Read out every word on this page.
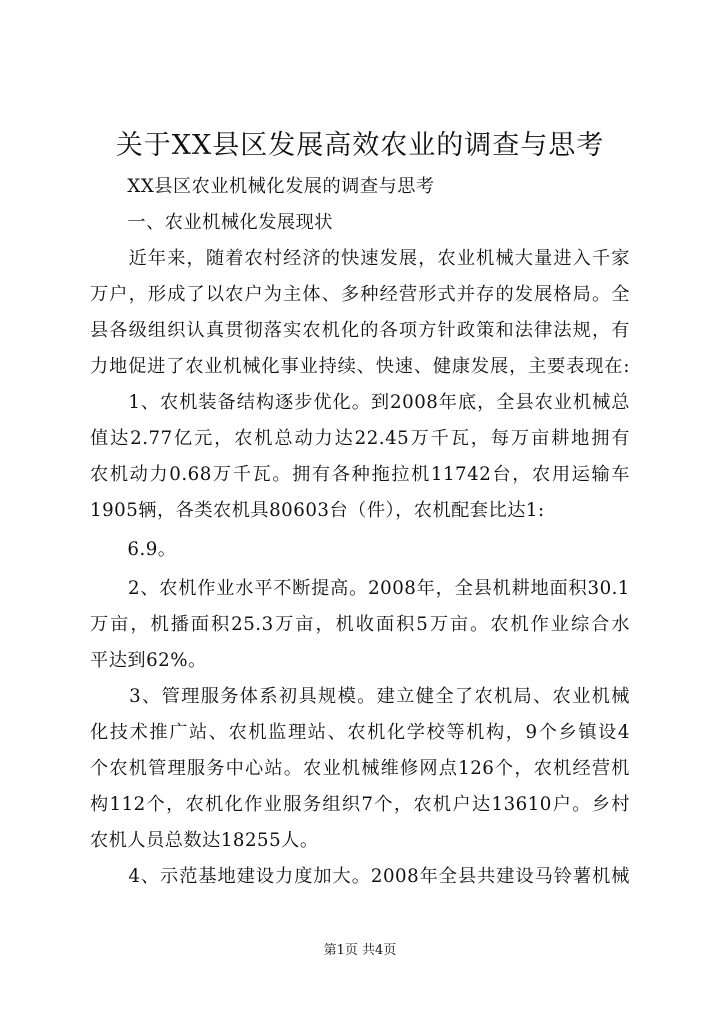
关于XX县区发展高效农业的调查与思考
　　XX县区农业机械化发展的调查与思考
　　一、农业机械化发展现状
　　近年来，随着农村经济的快速发展，农业机械大量进入千家
万户，形成了以农户为主体、多种经营形式并存的发展格局。全
县各级组织认真贯彻落实农机化的各项方针政策和法律法规，有
力地促进了农业机械化事业持续、快速、健康发展，主要表现在:
　　1、农机装备结构逐步优化。到2008年底，全县农业机械总
值达2.77亿元，农机总动力达22.45万千瓦，每万亩耕地拥有
农机动力0.68万千瓦。拥有各种拖拉机11742台，农用运输车
1905辆，各类农机具80603台（件），农机配套比达1:
　　6.9。
　　2、农机作业水平不断提高。2008年，全县机耕地面积30.1
万亩，机播面积25.3万亩，机收面积5万亩。农机作业综合水
平达到62%。
　　3、管理服务体系初具规模。建立健全了农机局、农业机械
化技术推广站、农机监理站、农机化学校等机构，9个乡镇设4
个农机管理服务中心站。农业机械维修网点126个，农机经营机
构112个，农机化作业服务组织7个，农机户达13610户。乡村
农机人员总数达18255人。
　　4、示范基地建设力度加大。2008年全县共建设马铃薯机械
第1页 共4页
